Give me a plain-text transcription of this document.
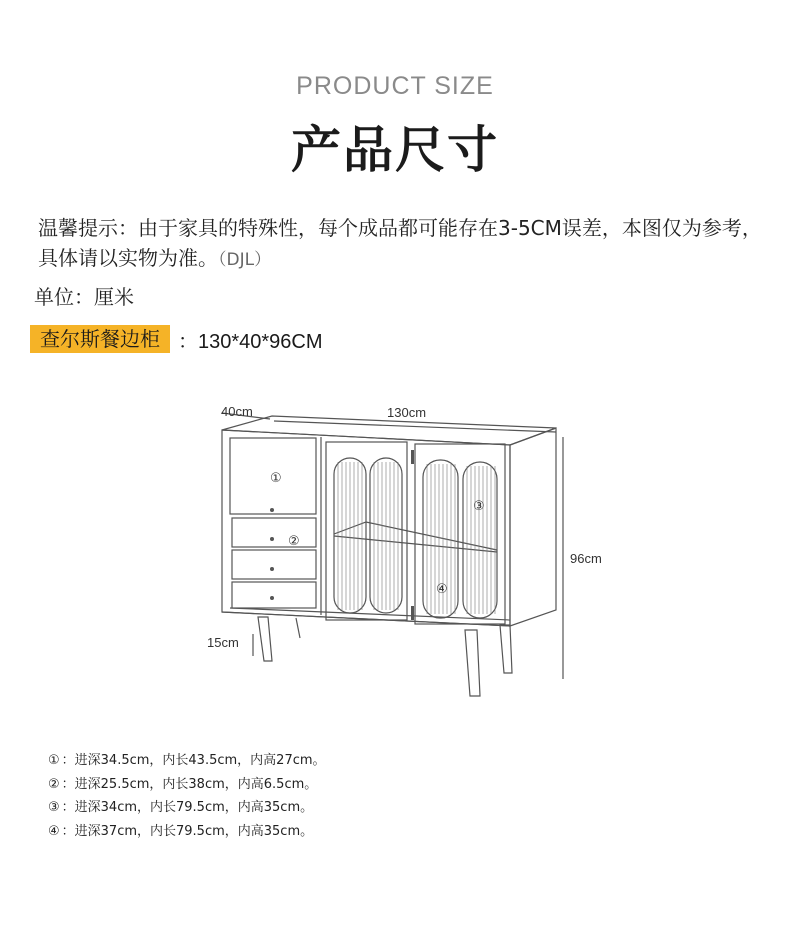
PRODUCT SIZE
产品尺寸
温馨提示：由于家具的特殊性，每个成品都可能存在3-5CM误差，本图仅为参考，具体请以实物为准。（DJL）
单位：厘米
查尔斯餐边柜 ：130*40*96CM
40cm	130cm
96cm
15cm
①
②
③
④
① ：进深34.5cm，内长43.5cm，内高27cm。
② ：进深25.5cm，内长38cm，内高6.5cm。
③ ：进深34cm，内长79.5cm，内高35cm。
④ ：进深37cm，内长79.5cm，内高35cm。
